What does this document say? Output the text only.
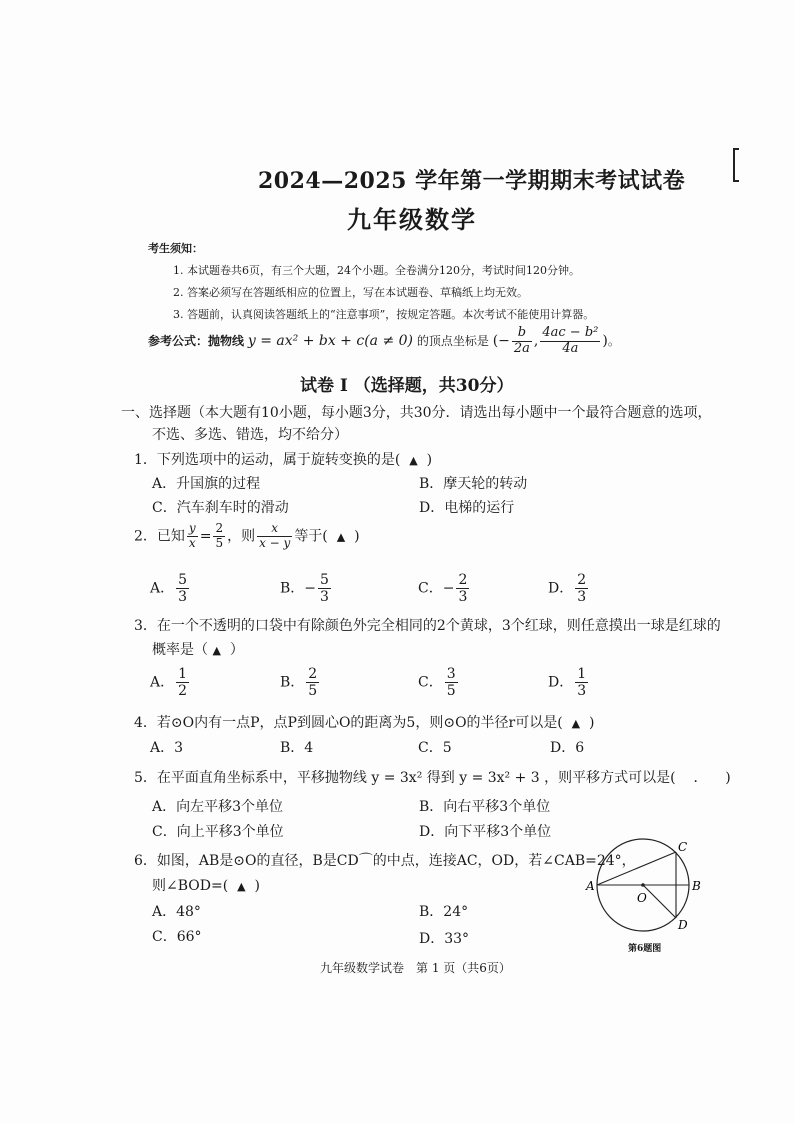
2024—2025 学年第一学期期末考试试卷
九年级数学
考生须知：
1. 本试题卷共6页，有三个大题，24个小题。全卷满分120分，考试时间120分钟。
2. 答案必须写在答题纸相应的位置上，写在本试题卷、草稿纸上均无效。
3. 答题前，认真阅读答题纸上的“注意事项”，按规定答题。本次考试不能使用计算器。
参考公式：抛物线 y = ax² + bx + c(a ≠ 0) 的顶点坐标是 (− $\frac{b}{2a}$ , $\frac{\text{4ac − b²}}{4a}$ )。
试卷 I （选择题，共30分）
一、选择题（本大题有10小题，每小题3分，共30分．请选出每小题中一个最符合题意的选项，
不选、多选、错选，均不给分）
1．下列选项中的运动，属于旋转变换的是( ▲ )
A．升国旗的过程	B．摩天轮的转动
C．汽车刹车时的滑动	D．电梯的运行
2．已知 $\frac{y}{x} = \frac{2}{5}$ ，则 $\frac{x}{x - y}$ 等于( ▲ )
A． $\frac{5}{3}$	B．− $\frac{5}{3}$	C．− $\frac{2}{3}$	D． $\frac{2}{3}$
3．在一个不透明的口袋中有除颜色外完全相同的2个黄球，3个红球，则任意摸出一球是红球的
概率是（ ▲ ）
A． $\frac{1}{2}$	B． $\frac{2}{5}$	C． $\frac{3}{5}$	D． $\frac{1}{3}$
4．若⊙O内有一点P，点P到圆心O的距离为5，则⊙O的半径r可以是( ▲ )
A．3	B．4	C．5	D．6
5．在平面直角坐标系中，平移抛物线 y = 3x² 得到 y = 3x² + 3 ，则平移方式可以是( ． )
A．向左平移3个单位	B．向右平移3个单位
C．向上平移3个单位	D．向下平移3个单位
6．如图，AB是⊙O的直径，B是CD⌒的中点，连接AC，OD，若∠CAB=24°，
则∠BOD=( ▲ )
A．48°	B．24°
C．66°	D．33°
A	B
C
D
O
第6题图
九年级数学试卷　第 1 页（共6页）
